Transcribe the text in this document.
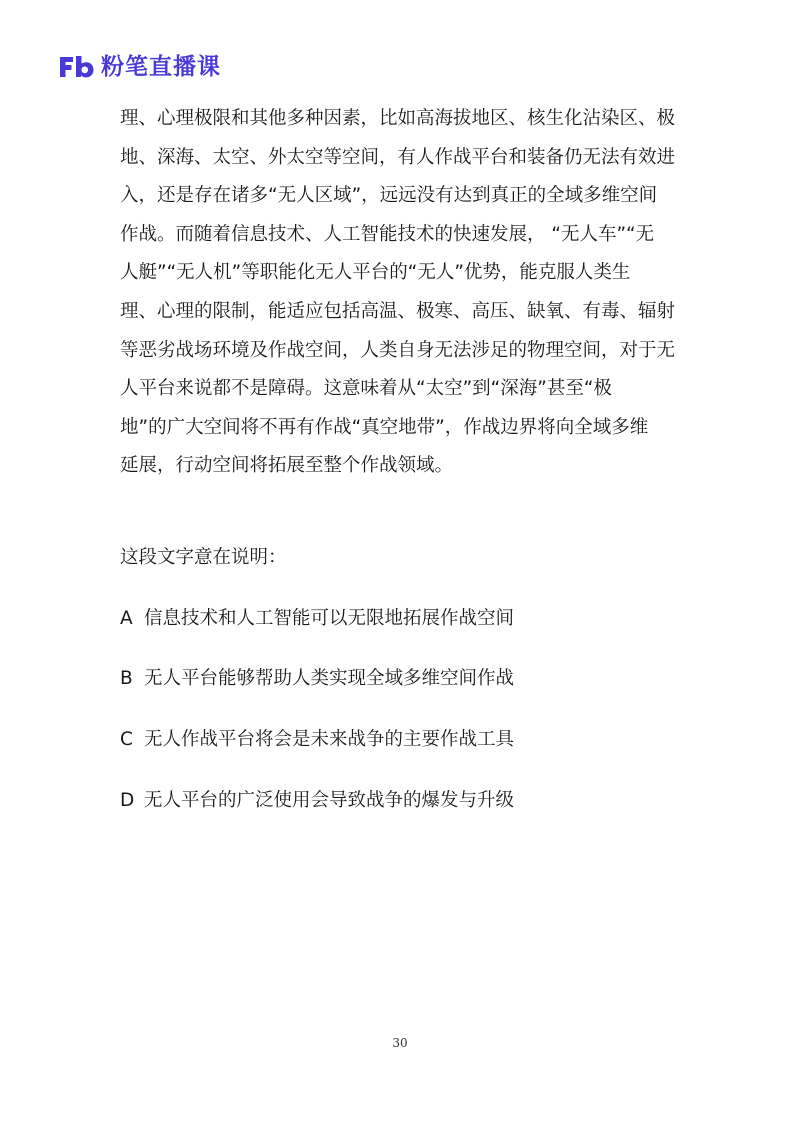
粉笔直播课
理、心理极限和其他多种因素，比如高海拔地区、核生化沾染区、极
地、深海、太空、外太空等空间，有人作战平台和装备仍无法有效进
入，还是存在诸多“无人区域”，远远没有达到真正的全域多维空间
作战。而随着信息技术、人工智能技术的快速发展， “无人车”“无
人艇”“无人机”等职能化无人平台的“无人”优势，能克服人类生
理、心理的限制，能适应包括高温、极寒、高压、缺氧、有毒、辐射
等恶劣战场环境及作战空间，人类自身无法涉足的物理空间，对于无
人平台来说都不是障碍。这意味着从“太空”到“深海”甚至“极
地”的广大空间将不再有作战“真空地带”，作战边界将向全域多维
延展，行动空间将拓展至整个作战领域。
这段文字意在说明：
A 信息技术和人工智能可以无限地拓展作战空间
B 无人平台能够帮助人类实现全域多维空间作战
C 无人作战平台将会是未来战争的主要作战工具
D 无人平台的广泛使用会导致战争的爆发与升级
30
